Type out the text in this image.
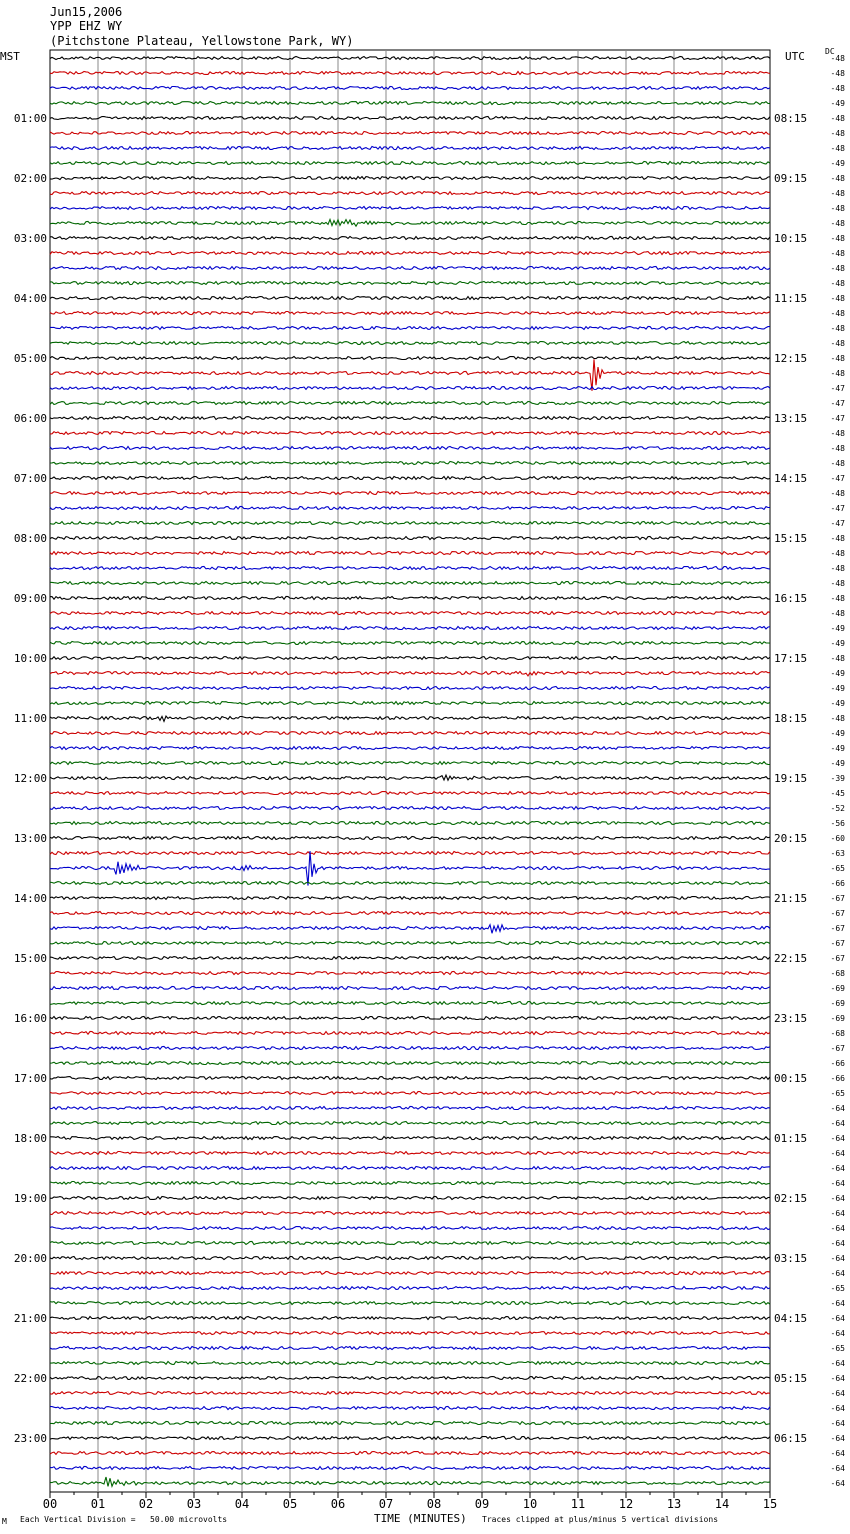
Jun15,2006
YPP EHZ WY
(Pitchstone Plateau, Yellowstone Park, WY)
MST	UTC	DC
00	01	02	03	04	05	06	07	08	09	10	11	12	13	14	15
-48
-48
-48
-49
-48
-48
-48
-49
-48
-48
-48
-48
-48
-48
-48
-48
-48
-48
-48
-48
-48
-48
-47
-47
-47
-48
-48
-48
-47
-48
-47
-47
-48
-48
-48
-48
-48
-48
-49
-49
-48
-49
-49
-49
-48
-49
-49
-49
-39
-45
-52
-56
-60
-63
-65
-66
-67
-67
-67
-67
-67
-68
-69
-69
-69
-68
-67
-66
-66
-65
-64
-64
-64
-64
-64
-64
-64
-64
-64
-64
-64
-64
-65
-64
-64
-64
-65
-64
-64
-64
-64
-64
-64
-64
-64
-64
01:00
02:00
03:00
04:00
05:00
06:00
07:00
08:00
09:00
10:00
11:00
12:00
13:00
14:00
15:00
16:00
17:00
18:00
19:00
20:00
21:00
22:00
23:00
08:15
09:15
10:15
11:15
12:15
13:15
14:15
15:15
16:15
17:15
18:15
19:15
20:15
21:15
22:15
23:15
00:15
01:15
02:15
03:15
04:15
05:15
06:15
TIME (MINUTES)
M Each Vertical Division =   50.00 microvolts	Traces clipped at plus/minus 5 vertical divisions
